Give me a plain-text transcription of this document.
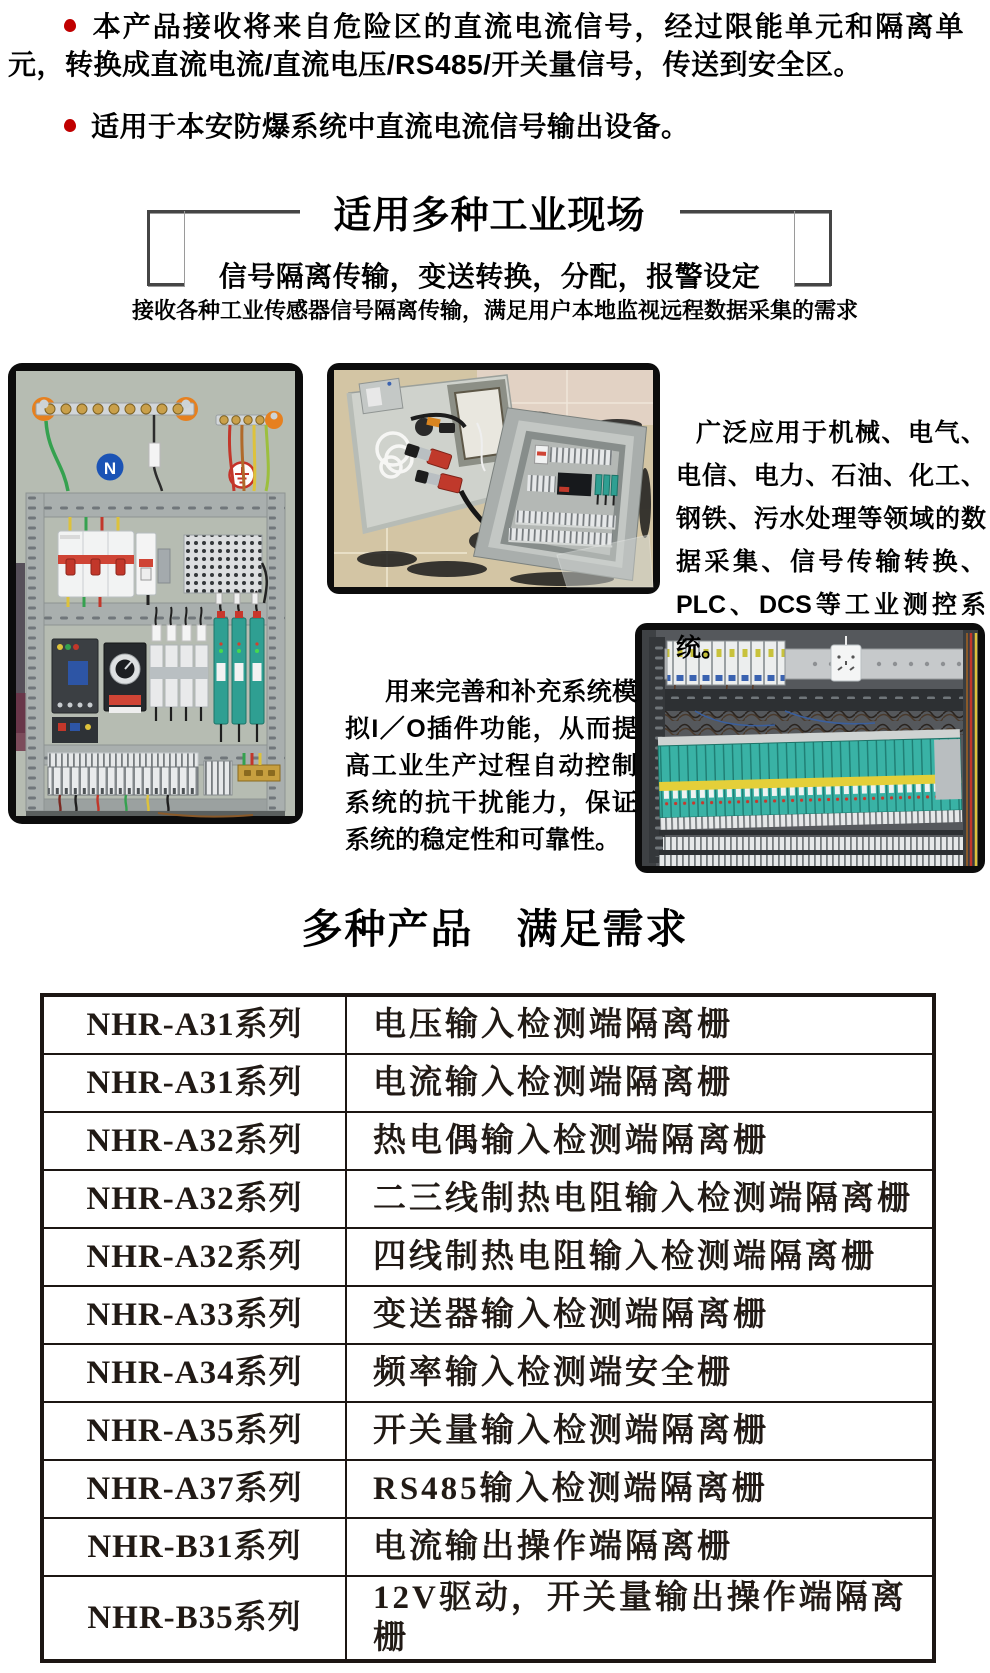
本产品接收将来自危险区的直流电流信号，经过限能单元和隔离单元，转换成直流电流/直流电压/RS485/开关量信号，传送到安全区。

适用于本安防爆系统中直流电流信号输出设备。

适用多种工业现场
信号隔离传输，变送转换，分配，报警设定
接收各种工业传感器信号隔离传输，满足用户本地监视远程数据采集的需求
N

广泛应用于机械、电气、电信、电力、石油、化工、钢铁、污水处理等领域的数据采集、信号传输转换、PLC、DCS等工业测控系统。

用来完善和补充系统模拟I／O插件功能，从而提高工业生产过程自动控制系统的抗干扰能力，保证系统的稳定性和可靠性。

多种产品　满足需求
NHR-A31系列	电压输入检测端隔离栅
NHR-A31系列	电流输入检测端隔离栅
NHR-A32系列	热电偶输入检测端隔离栅
NHR-A32系列	二三线制热电阻输入检测端隔离栅
NHR-A32系列	四线制热电阻输入检测端隔离栅
NHR-A33系列	变送器输入检测端隔离栅
NHR-A34系列	频率输入检测端安全栅
NHR-A35系列	开关量输入检测端隔离栅
NHR-A37系列	RS485输入检测端隔离栅
NHR-B31系列	电流输出操作端隔离栅
NHR-B35系列	12V驱动，开关量输出操作端隔离栅
